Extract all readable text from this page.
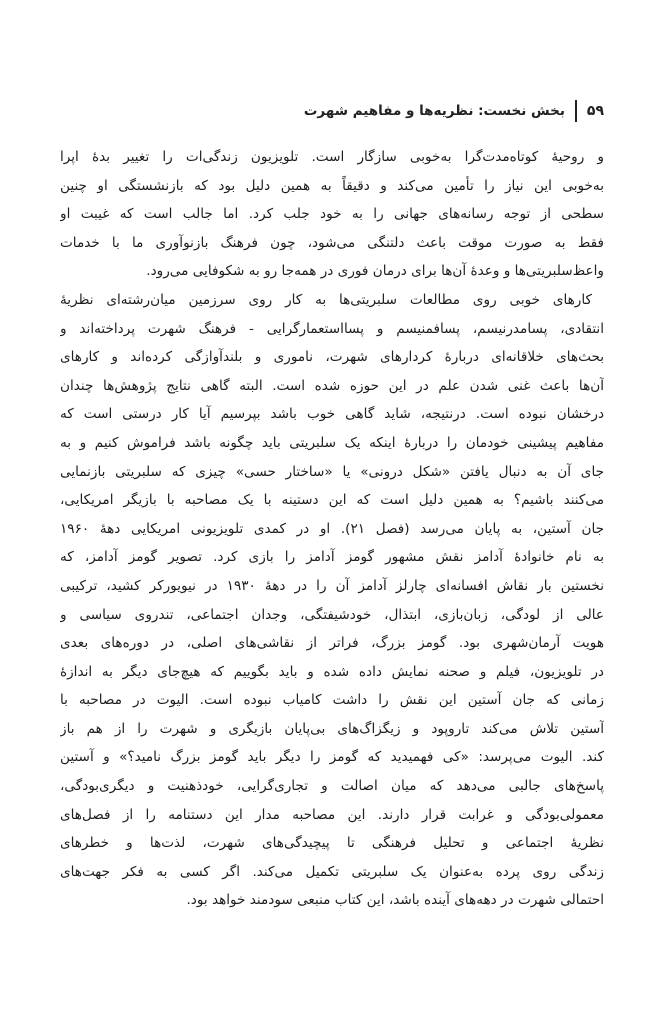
۵۹
بخش نخست: نظریه‌ها و مفاهیم شهرت
و روحیهٔ کوتاه‌مدت‌گرا به‌خوبی سازگار است. تلویزیون زندگی‌ات را تغییر بدهٔ اپرا
به‌خوبی این نیاز را تأمین می‌کند و دقیقاً به همین دلیل بود که بازنشستگی او چنین
سطحی از توجه رسانه‌های جهانی را به خود جلب کرد. اما جالب است که غیبت او
فقط به صورت موقت باعث دلتنگی می‌شود، چون فرهنگ بازنوآوری ما با خدمات
واعظ‌سلبریتی‌ها و وعدهٔ آن‌ها برای درمان فوری در همه‌جا رو به شکوفایی می‌رود.
کارهای خوبی روی مطالعات سلبریتی‌ها به کار روی سرزمین میان‌رشته‌ای نظریهٔ
انتقادی، پسامدرنیسم، پسافمنیسم و پسااستعمارگرایی - فرهنگ شهرت پرداخته‌اند و
بحث‌های خلاقانه‌ای دربارهٔ کردارهای شهرت، ناموری و بلندآوازگی کرده‌اند و کارهای
آن‌ها باعث غنی شدن علم در این حوزه شده است. البته گاهی نتایج پژوهش‌ها چندان
درخشان نبوده است. درنتیجه، شاید گاهی خوب باشد بپرسیم آیا کار درستی است که
مفاهیم پیشینی خودمان را دربارهٔ اینکه یک سلبریتی باید چگونه باشد فراموش کنیم و به
جای آن به دنبال یافتن «شکل درونی» یا «ساختار حسی» چیزی که سلبریتی بازنمایی
می‌کنند باشیم؟ به همین دلیل است که این دستینه با یک مصاحبه با بازیگر امریکایی،
جان آستین، به پایان می‌رسد (فصل ۲۱). او در کمدی تلویزیونی امریکایی دههٔ ۱۹۶۰
به نام خانوادهٔ آدامز نقش مشهور گومز آدامز را بازی کرد. تصویر گومز آدامز، که
نخستین بار نقاش افسانه‌ای چارلز آدامز آن را در دههٔ ۱۹۳۰ در نیویورکر کشید، ترکیبی
عالی از لودگی، زبان‌بازی، ابتذال، خودشیفتگی، وجدان اجتماعی، تندروی سیاسی و
هویت آرمان‌شهری بود. گومز بزرگ، فراتر از نقاشی‌های اصلی، در دوره‌های بعدی
در تلویزیون، فیلم و صحنه نمایش داده شده و باید بگوییم که هیچ‌جای دیگر به اندازهٔ
زمانی که جان آستین این نقش را داشت کامیاب نبوده است. الیوت در مصاحبه با
آستین تلاش می‌کند تاروپود و زیگزاگ‌های بی‌پایان بازیگری و شهرت را از هم باز
کند. الیوت می‌پرسد: «کی فهمیدید که گومز را دیگر باید گومز بزرگ نامید؟» و آستین
پاسخ‌های جالبی می‌دهد که میان اصالت و تجاری‌گرایی، خودذهنیت و دیگری‌بودگی،
معمولی‌بودگی و غرابت قرار دارند. این مصاحبه مدار این دستنامه را از فصل‌های
نظریهٔ اجتماعی و تحلیل فرهنگی تا پیچیدگی‌های شهرت، لذت‌ها و خطرهای
زندگی روی پرده به‌عنوان یک سلبریتی تکمیل می‌کند. اگر کسی به فکر جهت‌های
احتمالی شهرت در دهه‌های آینده باشد، این کتاب منبعی سودمند خواهد بود.
